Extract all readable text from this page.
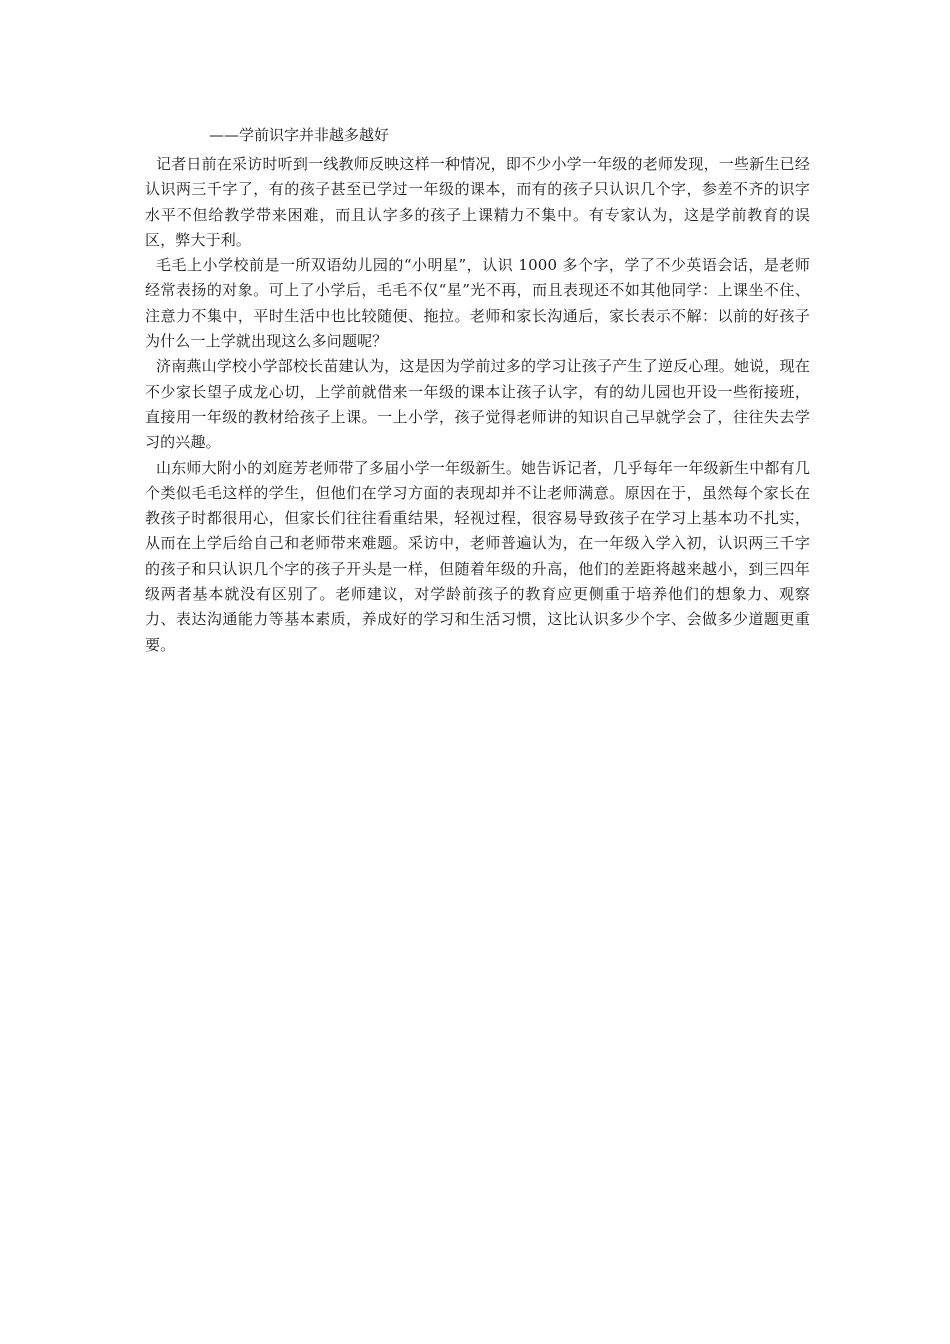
——学前识字并非越多越好

记者日前在采访时听到一线教师反映这样一种情况，即不少小学一年级的老师发现，一些新生已经认识两三千字了，有的孩子甚至已学过一年级的课本，而有的孩子只认识几个字，参差不齐的识字水平不但给教学带来困难，而且认字多的孩子上课精力不集中。有专家认为，这是学前教育的误区，弊大于利。

毛毛上小学校前是一所双语幼儿园的“小明星”，认识 1000 多个字，学了不少英语会话，是老师经常表扬的对象。可上了小学后，毛毛不仅“星”光不再，而且表现还不如其他同学：上课坐不住、注意力不集中，平时生活中也比较随便、拖拉。老师和家长沟通后，家长表示不解：以前的好孩子为什么一上学就出现这么多问题呢？

济南燕山学校小学部校长苗建认为，这是因为学前过多的学习让孩子产生了逆反心理。她说，现在不少家长望子成龙心切，上学前就借来一年级的课本让孩子认字，有的幼儿园也开设一些衔接班，直接用一年级的教材给孩子上课。一上小学，孩子觉得老师讲的知识自己早就学会了，往往失去学习的兴趣。

山东师大附小的刘庭芳老师带了多届小学一年级新生。她告诉记者，几乎每年一年级新生中都有几个类似毛毛这样的学生，但他们在学习方面的表现却并不让老师满意。原因在于，虽然每个家长在教孩子时都很用心，但家长们往往看重结果，轻视过程，很容易导致孩子在学习上基本功不扎实，从而在上学后给自己和老师带来难题。采访中，老师普遍认为，在一年级入学入初，认识两三千字的孩子和只认识几个字的孩子开头是一样，但随着年级的升高，他们的差距将越来越小，到三四年级两者基本就没有区别了。老师建议，对学龄前孩子的教育应更侧重于培养他们的想象力、观察力、表达沟通能力等基本素质，养成好的学习和生活习惯，这比认识多少个字、会做多少道题更重要。
